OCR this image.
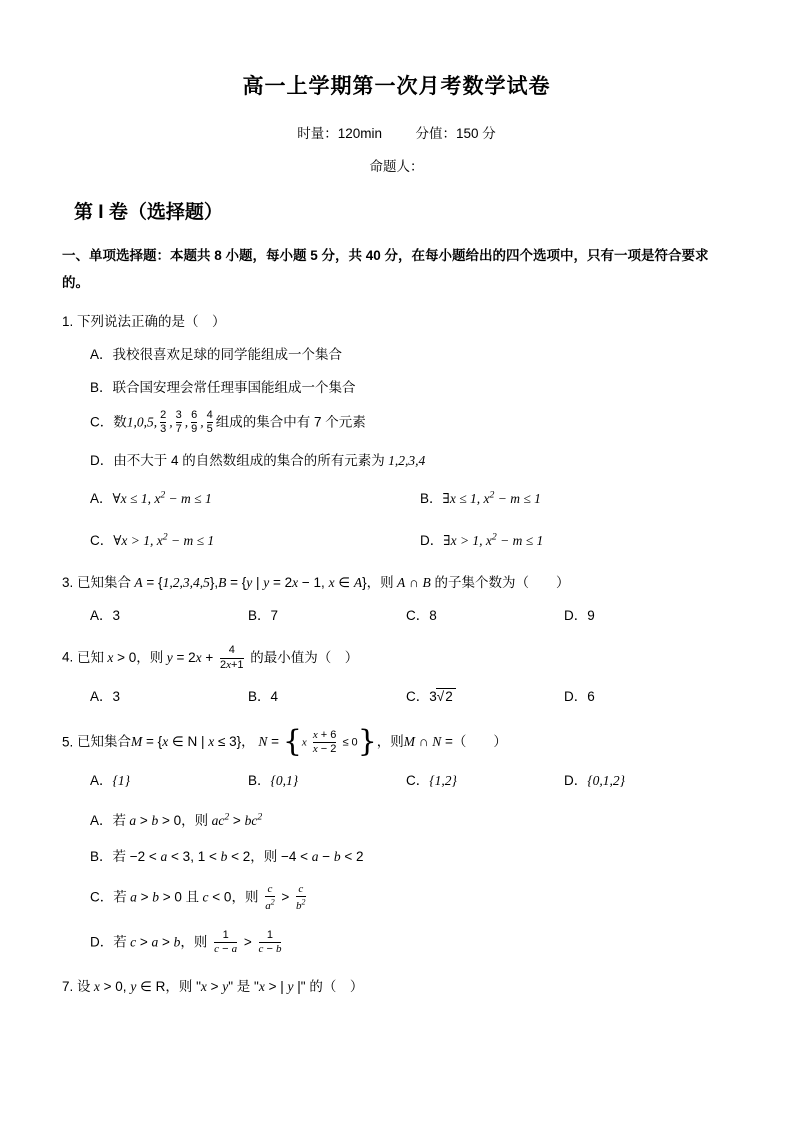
高一上学期第一次月考数学试卷
时量：120min 分值：150 分
命题人：
第 I 卷（选择题）
一、单项选择题：本题共 8 小题，每小题 5 分，共 40 分，在每小题给出的四个选项中，只有一项是符合要求的。
1. 下列说法正确的是（　）
A．我校很喜欢足球的同学能组成一个集合
B．联合国安理会常任理事国能组成一个集合
C．数1,0,5, $\frac{2}{3}$ , $\frac{3}{7}$ , $\frac{6}{9}$ , $\frac{4}{5}$ 组成的集合中有 7 个元素
D．由不大于 4 的自然数组成的集合的所有元素为 1,2,3,4
A．∀x ≤ 1, $x^2 - m \le 1$	B．∃x ≤ 1, $x^2 - m \le 1$
C．∀x > 1, $x^2 - m \le 1$	D．∃x > 1, $x^2 - m \le 1$
3. 已知集合 A = {1,2,3,4,5},B = {y | y = 2x − 1, x ∈ A}，则 A ∩ B 的子集个数为（　　）
A．3	B．7	C．8	D．9
4. 已知 x > 0，则 $y = 2x + \frac{4}{2x+1}$ 的最小值为（　）
A．3	B．4	C．3√2	D．6
5. 已知集合M = {x ∈ N | x ≤ 3}， $N = \{x \frac{x + 6}{x - 2} \le 0\}$，则M ∩ N =（　　）
A．{1}	B．{0,1}	C．{1,2}	D．{0,1,2}
A．若 a > b > 0，则 $ac^2 > bc^2$
B．若 −2 < a < 3, 1 < b < 2，则 −4 < a − b < 2
C．若 a > b > 0 且 c < 0，则 $\frac{c}{a^2} > \frac{c}{b^2}$
D．若 c > a > b，则 $\frac{1}{c - a} > \frac{1}{c - b}$
7. 设 x > 0, y ∈ R，则 "x > y" 是 "x > | y |" 的（　）
